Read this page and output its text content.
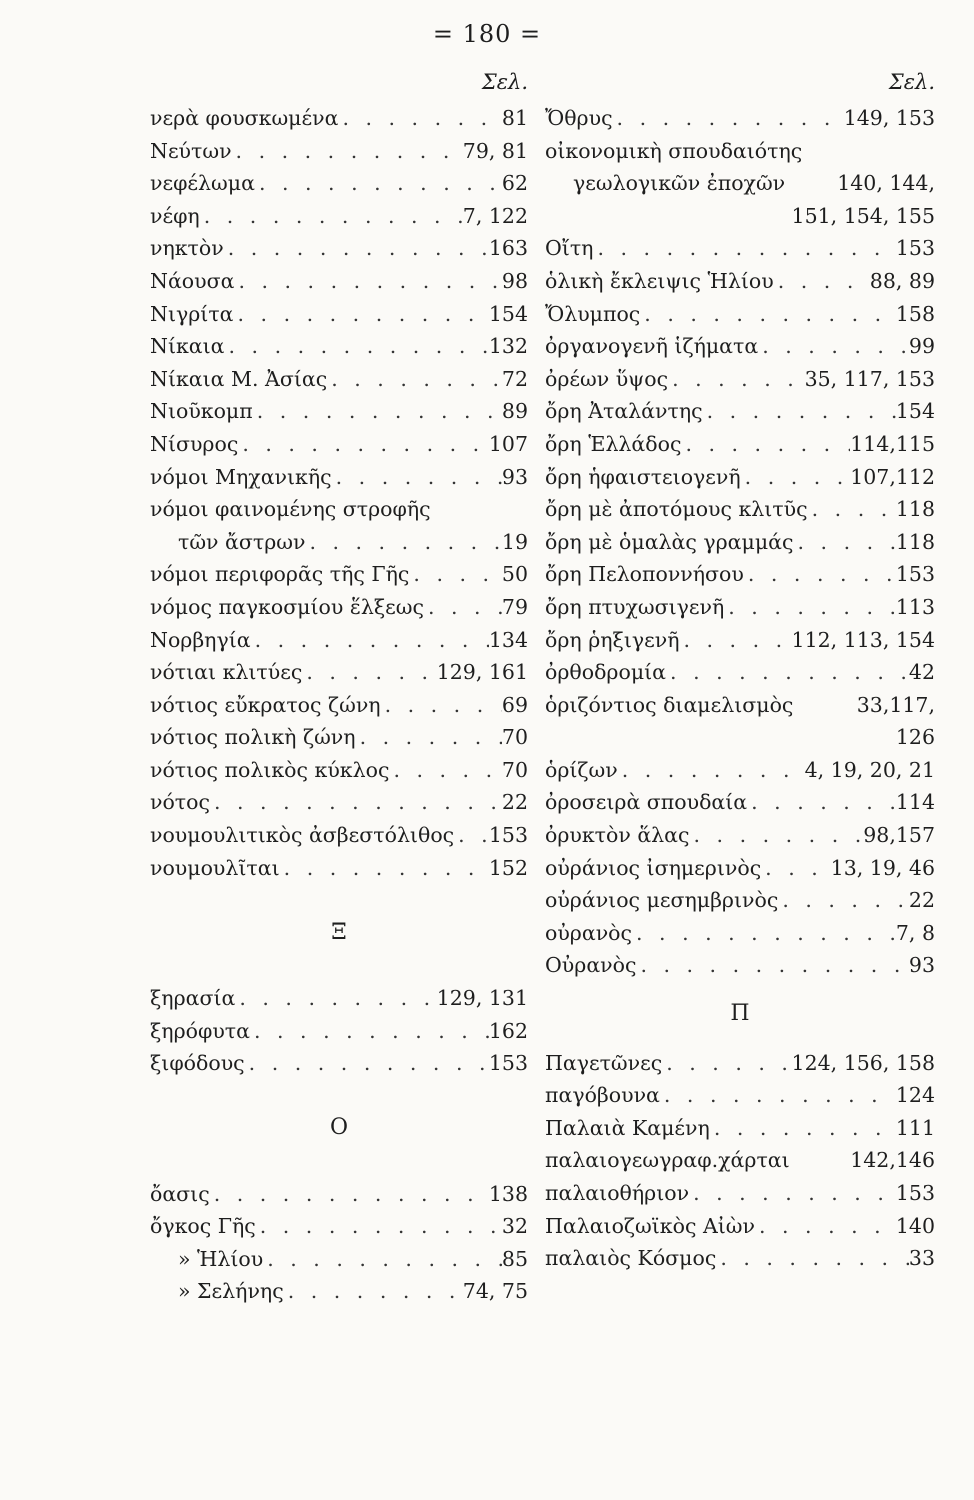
= 180 =
Σελ.
νερὰ φουσκωμένα . . .	81
Νεύτων . . .	79, 81
νεφέλωμα . . .	62
νέφη . . .	7, 122
νηκτὸν . . .	163
Νάουσα . . .	98
Νιγρίτα . . .	154
Νίκαια . . .	132
Νίκαια Μ. Ἀσίας . . .	72
Νιοῦκομπ . . .	89
Νίσυρος . . .	107
νόμοι Μηχανικῆς . . .	93
νόμοι φαινομένης στροφῆς
τῶν ἄστρων . . .	19
νόμοι περιφορᾶς τῆς Γῆς . . .	50
νόμος παγκοσμίου ἕλξεως . . .	79
Νορβηγία . . .	134
νότιαι κλιτύες . . .	129, 161
νότιος εὔκρατος ζώνη . . .	69
νότιος πολικὴ ζώνη . . .	70
νότιος πολικὸς κύκλος . . .	70
νότος . . .	22
νουμουλιτικὸς ἀσβεστόλιθος . . . 153
νουμουλῖται . . .	152
Ξ
ξηρασία . . .	129, 131
ξηρόφυτα . . .	162
ξιφόδους . . .	153
Ο
ὄασις . . .	138
ὄγκος Γῆς . . .	32
» Ἡλίου . . .	85
» Σελήνης . . .	74, 75
Σελ.
Ὄθρυς . . .	149, 153
οἰκονομικὴ σπουδαιότης
γεωλογικῶν ἐποχῶν	140, 144,
151, 154, 155
Οἴτη . . .	153
ὁλικὴ ἔκλειψις Ἡλίου . . .	88, 89
Ὄλυμπος . . .	158
ὀργανογενῆ ἱζήματα . . .	99
ὀρέων ὕψος . . .	35, 117, 153
ὄρη Ἀταλάντης . . .	154
ὄρη Ἑλλάδος . . .	114,115
ὄρη ἡφαιστειογενῆ . . .	107,112
ὄρη μὲ ἀποτόμους κλιτῦς . . .	118
ὄρη μὲ ὁμαλὰς γραμμάς . . .	118
ὄρη Πελοποννήσου . . .	153
ὄρη πτυχωσιγενῆ . . .	113
ὄρη ῥηξιγενῆ . . .	112, 113, 154
ὀρθοδρομία . . .	42
ὁριζόντιος διαμελισμὸς	33,117,
126
ὁρίζων . . .	4, 19, 20, 21
ὀροσειρὰ σπουδαία . . .	114
ὀρυκτὸν ἅλας . . .	98,157
οὐράνιος ἰσημερινὸς . . .	13, 19, 46
οὐράνιος μεσημβρινὸς . . .	22
οὐρανὸς . . .	7, 8
Οὐρανὸς . . .	93
Π
Παγετῶνες . . .	124, 156, 158
παγόβουνα . . .	124
Παλαιὰ Καμένη . . .	111
παλαιογεωγραφ.χάρται	142,146
παλαιοθήριον . . .	153
Παλαιοζωϊκὸς Αἰὼν . . .	140
παλαιὸς Κόσμος . . .	33
